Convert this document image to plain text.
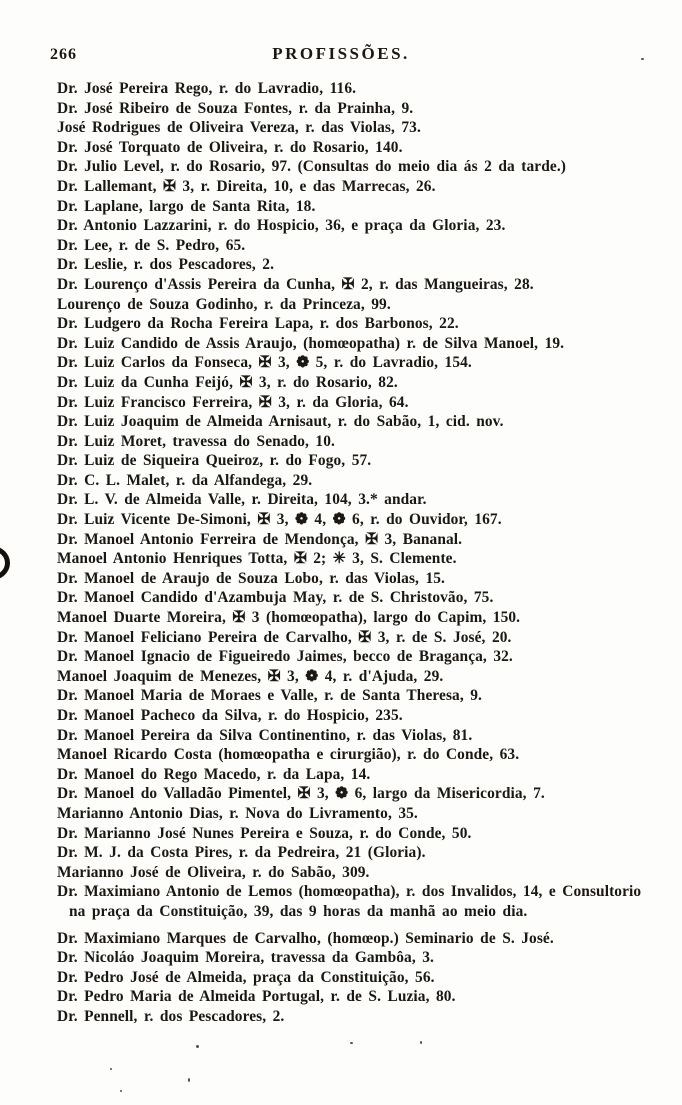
266	PROFISSÕES.

Dr. José Pereira Rego, r. do Lavradio, 116.

Dr. José Ribeiro de Souza Fontes, r. da Prainha, 9.

José Rodrigues de Oliveira Vereza, r. das Violas, 73.

Dr. José Torquato de Oliveira, r. do Rosario, 140.

Dr. Julio Level, r. do Rosario, 97. (Consultas do meio dia ás 2 da tarde.)

Dr. Lallemant, ✠ 3, r. Direita, 10, e das Marrecas, 26.

Dr. Laplane, largo de Santa Rita, 18.

Dr. Antonio Lazzarini, r. do Hospicio, 36, e praça da Gloria, 23.

Dr. Lee, r. de S. Pedro, 65.

Dr. Leslie, r. dos Pescadores, 2.

Dr. Lourenço d'Assis Pereira da Cunha, ✠ 2, r. das Mangueiras, 28.

Lourenço de Souza Godinho, r. da Princeza, 99.

Dr. Ludgero da Rocha Fereira Lapa, r. dos Barbonos, 22.

Dr. Luiz Candido de Assis Araujo, (homœopatha) r. de Silva Manoel, 19.

Dr. Luiz Carlos da Fonseca, ✠ 3, ❁ 5, r. do Lavradio, 154.

Dr. Luiz da Cunha Feijó, ✠ 3, r. do Rosario, 82.

Dr. Luiz Francisco Ferreira, ✠ 3, r. da Gloria, 64.

Dr. Luiz Joaquim de Almeida Arnisaut, r. do Sabão, 1, cid. nov.

Dr. Luiz Moret, travessa do Senado, 10.

Dr. Luiz de Siqueira Queiroz, r. do Fogo, 57.

Dr. C. L. Malet, r. da Alfandega, 29.

Dr. L. V. de Almeida Valle, r. Direita, 104, 3.* andar.

Dr. Luiz Vicente De-Simoni, ✠ 3, ❁ 4, ❁ 6, r. do Ouvidor, 167.

Dr. Manoel Antonio Ferreira de Mendonça, ✠ 3, Bananal.

Manoel Antonio Henriques Totta, ✠ 2; ✳ 3, S. Clemente.

Dr. Manoel de Araujo de Souza Lobo, r. das Violas, 15.

Dr. Manoel Candido d'Azambuja May, r. de S. Christovão, 75.

Manoel Duarte Moreira, ✠ 3 (homœopatha), largo do Capim, 150.

Dr. Manoel Feliciano Pereira de Carvalho, ✠ 3, r. de S. José, 20.

Dr. Manoel Ignacio de Figueiredo Jaimes, becco de Bragança, 32.

Manoel Joaquim de Menezes, ✠ 3, ❁ 4, r. d'Ajuda, 29.

Dr. Manoel Maria de Moraes e Valle, r. de Santa Theresa, 9.

Dr. Manoel Pacheco da Silva, r. do Hospicio, 235.

Dr. Manoel Pereira da Silva Continentino, r. das Violas, 81.

Manoel Ricardo Costa (homœopatha e cirurgião), r. do Conde, 63.

Dr. Manoel do Rego Macedo, r. da Lapa, 14.

Dr. Manoel do Valladão Pimentel, ✠ 3, ❁ 6, largo da Misericordia, 7.

Marianno Antonio Dias, r. Nova do Livramento, 35.

Dr. Marianno José Nunes Pereira e Souza, r. do Conde, 50.

Dr. M. J. da Costa Pires, r. da Pedreira, 21 (Gloria).

Marianno José de Oliveira, r. do Sabão, 309.

Dr. Maximiano Antonio de Lemos (homœopatha), r. dos Invalidos, 14, e Consultorio na praça da Constituição, 39, das 9 horas da manhã ao meio dia.

Dr. Maximiano Marques de Carvalho, (homœop.) Seminario de S. José.

Dr. Nicoláo Joaquim Moreira, travessa da Gambôa, 3.

Dr. Pedro José de Almeida, praça da Constituição, 56.

Dr. Pedro Maria de Almeida Portugal, r. de S. Luzia, 80.

Dr. Pennell, r. dos Pescadores, 2.
